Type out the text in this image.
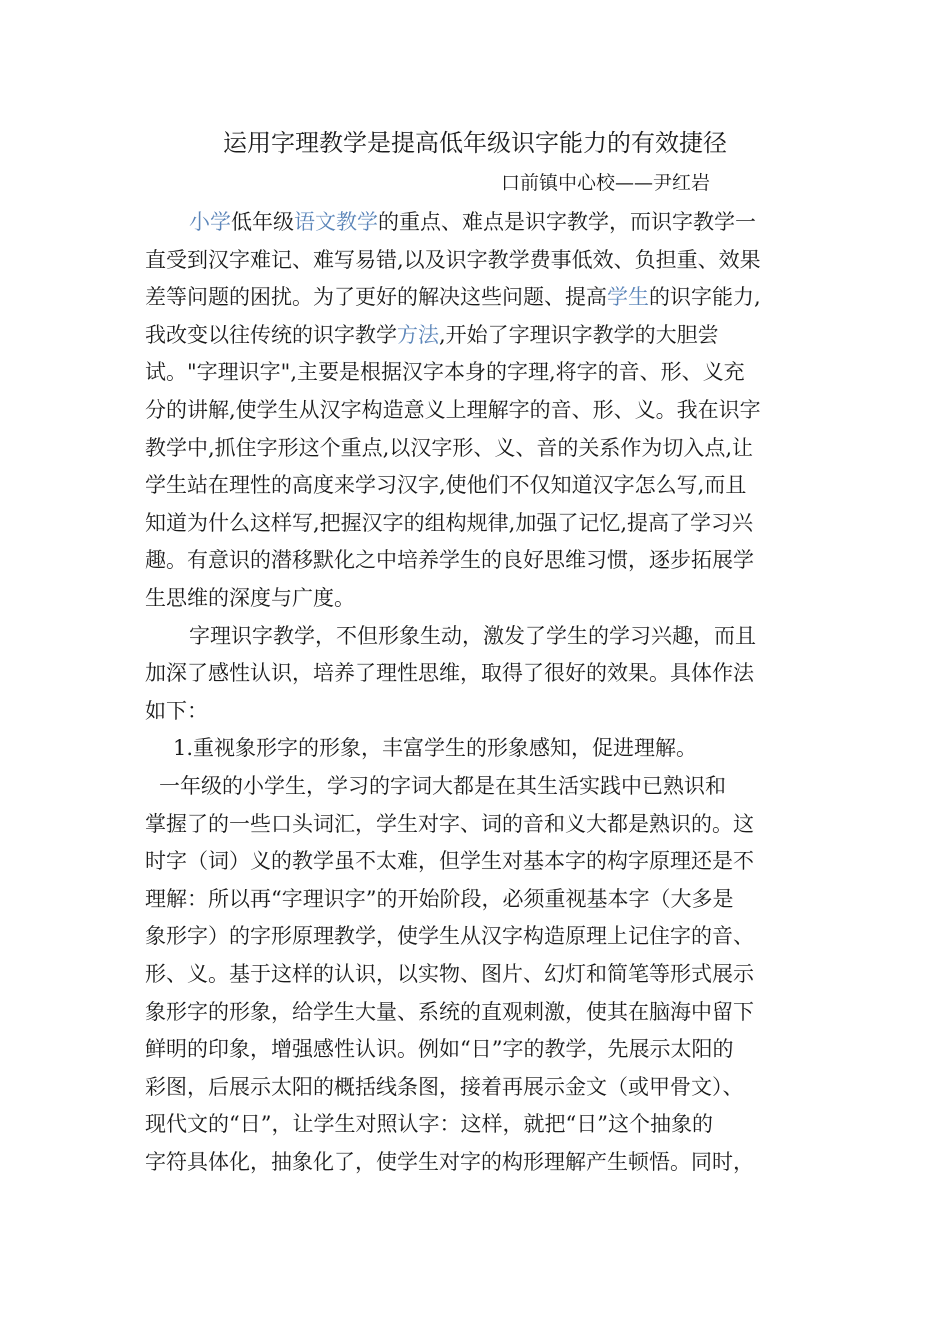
运用字理教学是提高低年级识字能力的有效捷径
口前镇中心校——尹红岩
小学低年级语文教学的重点、难点是识字教学，而识字教学一
直受到汉字难记、难写易错,以及识字教学费事低效、负担重、效果
差等问题的困扰。为了更好的解决这些问题、提高学生的识字能力,
我改变以往传统的识字教学方法,开始了字理识字教学的大胆尝
试。"字理识字",主要是根据汉字本身的字理,将字的音、形、义充
分的讲解,使学生从汉字构造意义上理解字的音、形、义。我在识字
教学中,抓住字形这个重点,以汉字形、义、音的关系作为切入点,让
学生站在理性的高度来学习汉字,使他们不仅知道汉字怎么写,而且
知道为什么这样写,把握汉字的组构规律,加强了记忆,提高了学习兴
趣。有意识的潜移默化之中培养学生的良好思维习惯，逐步拓展学
生思维的深度与广度。
字理识字教学，不但形象生动，激发了学生的学习兴趣，而且
加深了感性认识，培养了理性思维，取得了很好的效果。具体作法
如下：
1.重视象形字的形象，丰富学生的形象感知，促进理解。
一年级的小学生，学习的字词大都是在其生活实践中已熟识和
掌握了的一些口头词汇，学生对字、词的音和义大都是熟识的。这
时字（词）义的教学虽不太难，但学生对基本字的构字原理还是不
理解：所以再“字理识字”的开始阶段，必须重视基本字（大多是
象形字）的字形原理教学，使学生从汉字构造原理上记住字的音、
形、义。基于这样的认识，以实物、图片、幻灯和简笔等形式展示
象形字的形象，给学生大量、系统的直观刺激，使其在脑海中留下
鲜明的印象，增强感性认识。例如“日”字的教学，先展示太阳的
彩图，后展示太阳的概括线条图，接着再展示金文（或甲骨文）、
现代文的“日”，让学生对照认字：这样，就把“日”这个抽象的
字符具体化，抽象化了，使学生对字的构形理解产生顿悟。同时，
